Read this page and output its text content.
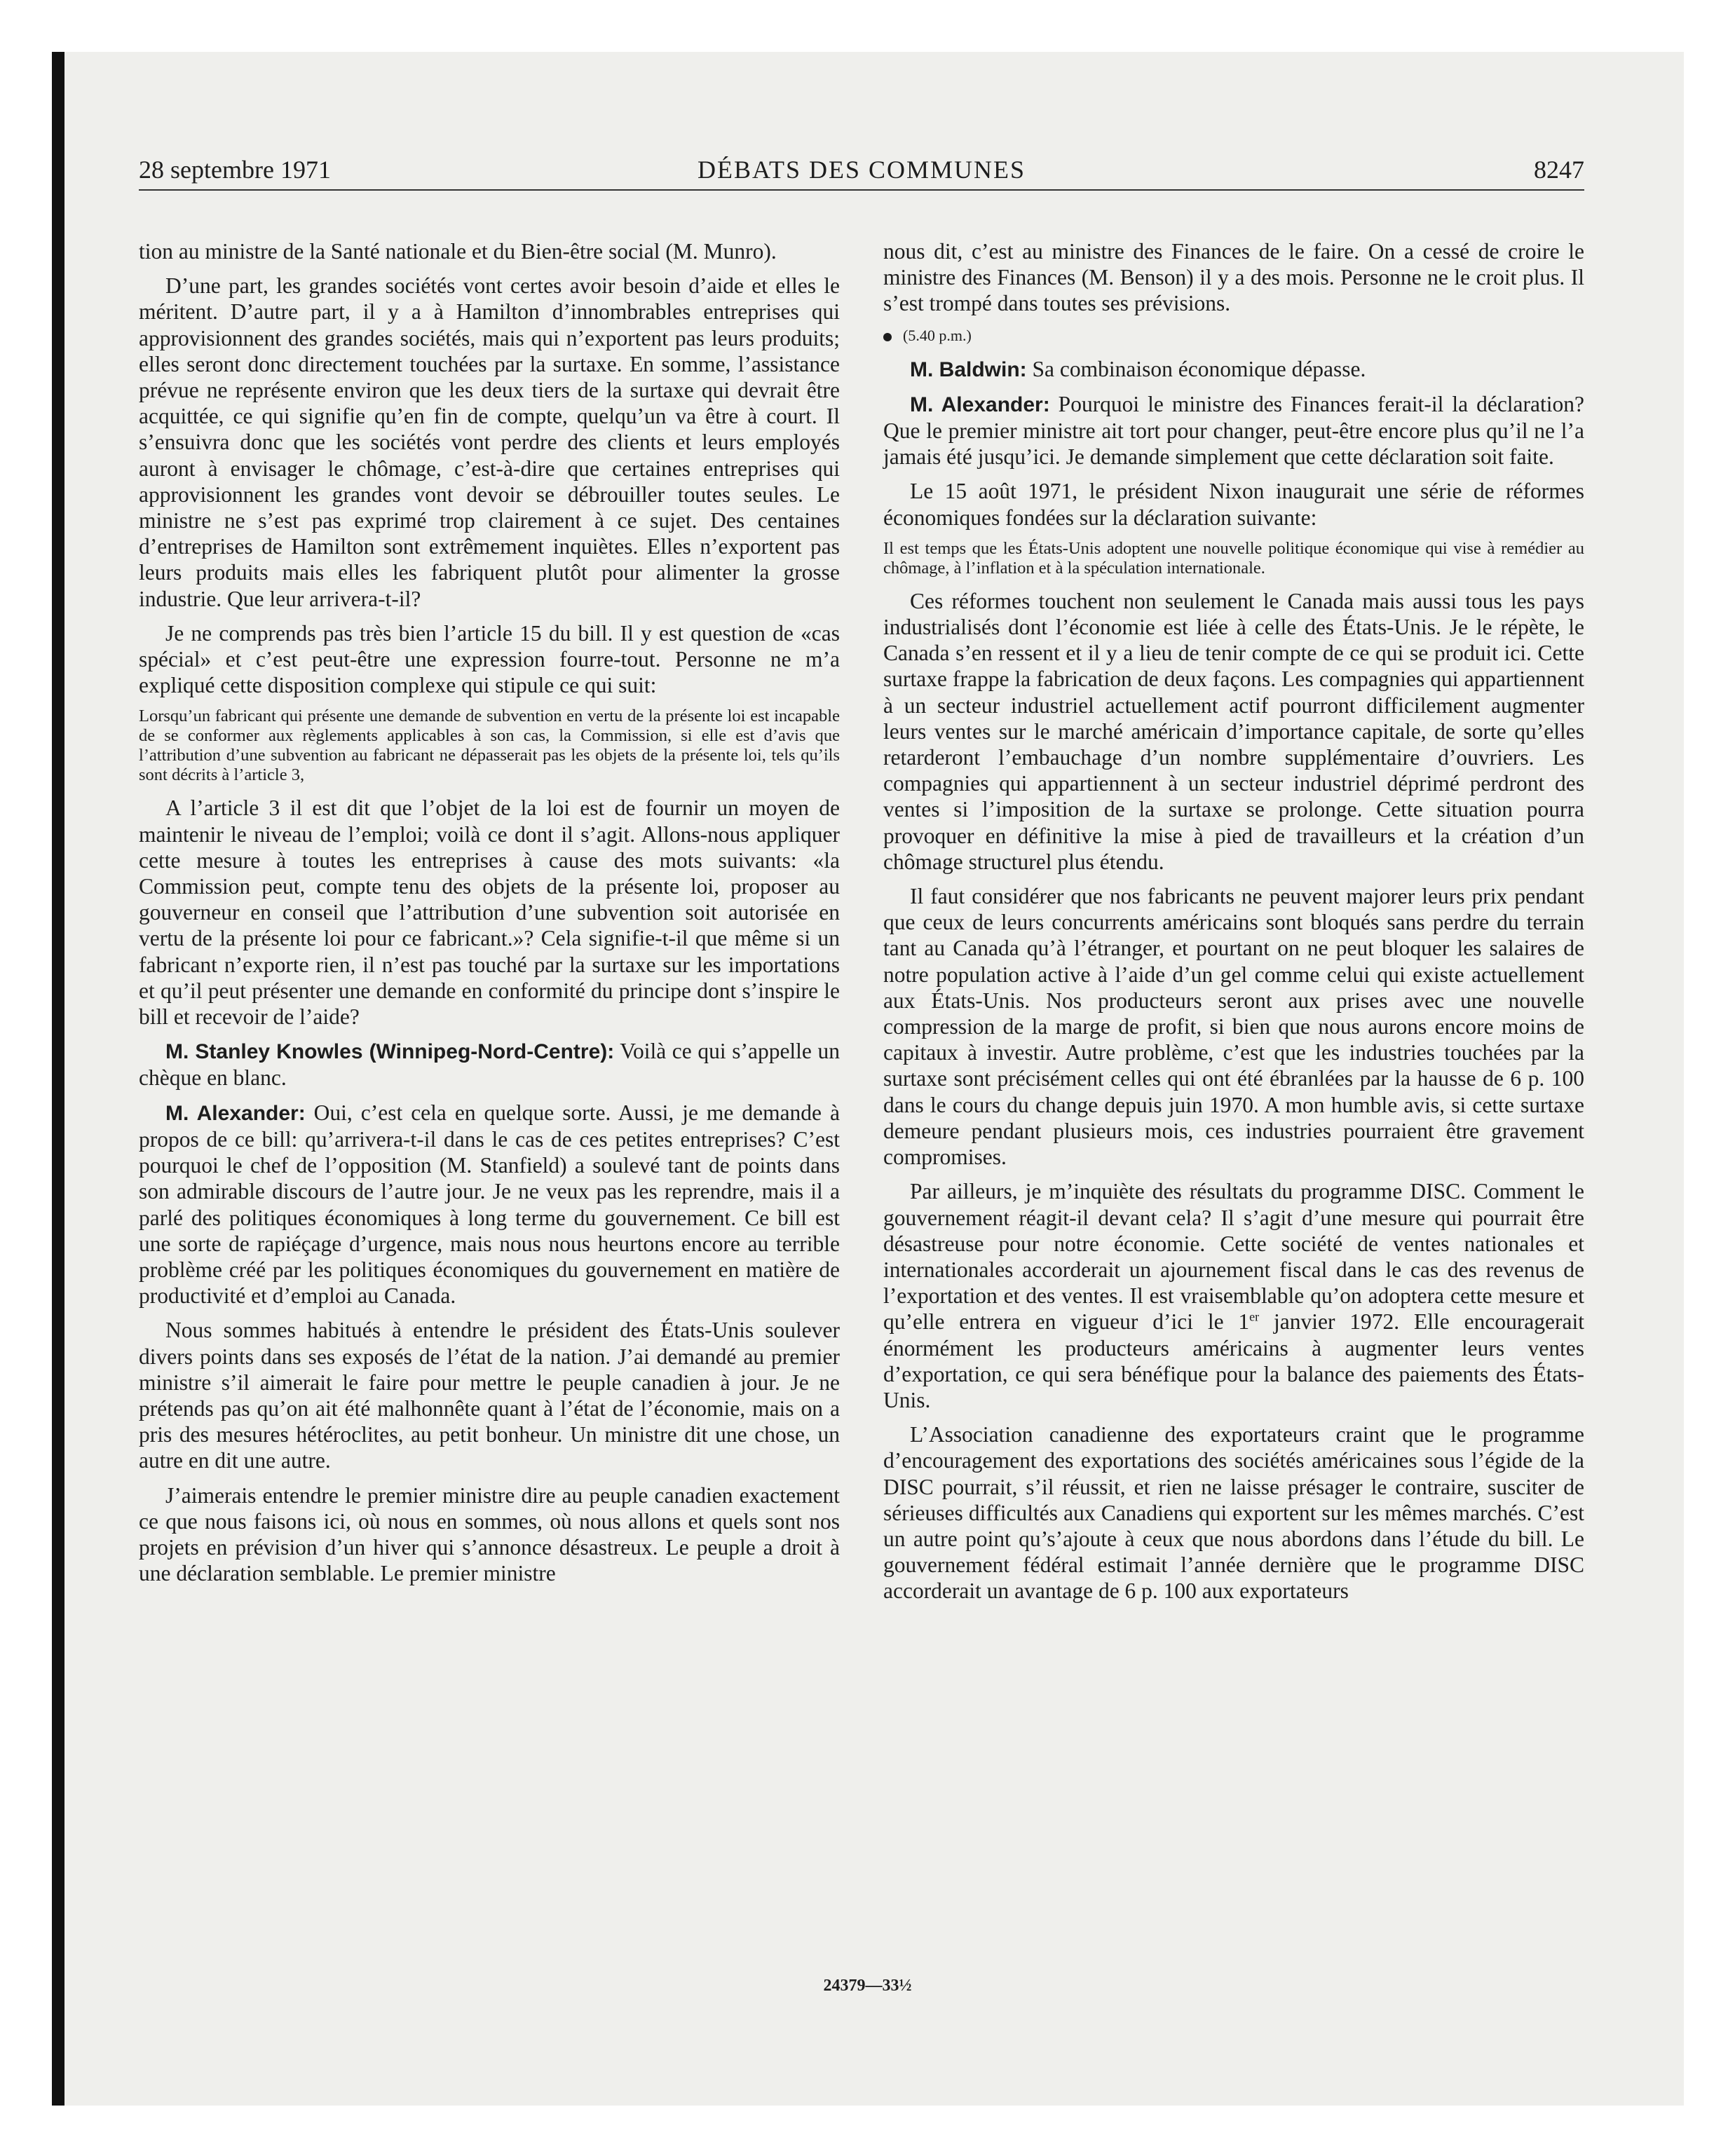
28 septembre 1971	DÉBATS DES COMMUNES	8247

tion au ministre de la Santé nationale et du Bien-être social (M. Munro).

D’une part, les grandes sociétés vont certes avoir besoin d’aide et elles le méritent. D’autre part, il y a à Hamilton d’innombrables entreprises qui approvisionnent des grandes sociétés, mais qui n’exportent pas leurs produits; elles seront donc directement touchées par la surtaxe. En somme, l’assistance prévue ne représente environ que les deux tiers de la surtaxe qui devrait être acquittée, ce qui signifie qu’en fin de compte, quelqu’un va être à court. Il s’ensuivra donc que les sociétés vont perdre des clients et leurs employés auront à envisager le chômage, c’est-à-dire que certaines entreprises qui approvisionnent les grandes vont devoir se débrouiller toutes seules. Le ministre ne s’est pas exprimé trop clairement à ce sujet. Des centaines d’entreprises de Hamilton sont extrêmement inquiètes. Elles n’exportent pas leurs produits mais elles les fabriquent plutôt pour alimenter la grosse industrie. Que leur arrivera-t-il?

Je ne comprends pas très bien l’article 15 du bill. Il y est question de «cas spécial» et c’est peut-être une expression fourre-tout. Personne ne m’a expliqué cette disposition complexe qui stipule ce qui suit:

Lorsqu’un fabricant qui présente une demande de subvention en vertu de la présente loi est incapable de se conformer aux règlements applicables à son cas, la Commission, si elle est d’avis que l’attribution d’une subvention au fabricant ne dépasserait pas les objets de la présente loi, tels qu’ils sont décrits à l’article 3,

A l’article 3 il est dit que l’objet de la loi est de fournir un moyen de maintenir le niveau de l’emploi; voilà ce dont il s’agit. Allons-nous appliquer cette mesure à toutes les entreprises à cause des mots suivants: «la Commission peut, compte tenu des objets de la présente loi, proposer au gouverneur en conseil que l’attribution d’une subvention soit autorisée en vertu de la présente loi pour ce fabricant.»? Cela signifie-t-il que même si un fabricant n’exporte rien, il n’est pas touché par la surtaxe sur les importations et qu’il peut présenter une demande en conformité du principe dont s’inspire le bill et recevoir de l’aide?

M. Stanley Knowles (Winnipeg-Nord-Centre): Voilà ce qui s’appelle un chèque en blanc.

M. Alexander: Oui, c’est cela en quelque sorte. Aussi, je me demande à propos de ce bill: qu’arrivera-t-il dans le cas de ces petites entreprises? C’est pourquoi le chef de l’opposition (M. Stanfield) a soulevé tant de points dans son admirable discours de l’autre jour. Je ne veux pas les reprendre, mais il a parlé des politiques économiques à long terme du gouvernement. Ce bill est une sorte de rapiéçage d’urgence, mais nous nous heurtons encore au terrible problème créé par les politiques économiques du gouvernement en matière de productivité et d’emploi au Canada.

Nous sommes habitués à entendre le président des États-Unis soulever divers points dans ses exposés de l’état de la nation. J’ai demandé au premier ministre s’il aimerait le faire pour mettre le peuple canadien à jour. Je ne prétends pas qu’on ait été malhonnête quant à l’état de l’économie, mais on a pris des mesures hétéroclites, au petit bonheur. Un ministre dit une chose, un autre en dit une autre.

J’aimerais entendre le premier ministre dire au peuple canadien exactement ce que nous faisons ici, où nous en sommes, où nous allons et quels sont nos projets en prévision d’un hiver qui s’annonce désastreux. Le peuple a droit à une déclaration semblable. Le premier ministre

nous dit, c’est au ministre des Finances de le faire. On a cessé de croire le ministre des Finances (M. Benson) il y a des mois. Personne ne le croit plus. Il s’est trompé dans toutes ses prévisions.

(5.40 p.m.)

M. Baldwin: Sa combinaison économique dépasse.

M. Alexander: Pourquoi le ministre des Finances ferait-il la déclaration? Que le premier ministre ait tort pour changer, peut-être encore plus qu’il ne l’a jamais été jusqu’ici. Je demande simplement que cette déclaration soit faite.

Le 15 août 1971, le président Nixon inaugurait une série de réformes économiques fondées sur la déclaration suivante:

Il est temps que les États-Unis adoptent une nouvelle politique économique qui vise à remédier au chômage, à l’inflation et à la spéculation internationale.

Ces réformes touchent non seulement le Canada mais aussi tous les pays industrialisés dont l’économie est liée à celle des États-Unis. Je le répète, le Canada s’en ressent et il y a lieu de tenir compte de ce qui se produit ici. Cette surtaxe frappe la fabrication de deux façons. Les compagnies qui appartiennent à un secteur industriel actuellement actif pourront difficilement augmenter leurs ventes sur le marché américain d’importance capitale, de sorte qu’elles retarderont l’embauchage d’un nombre supplémentaire d’ouvriers. Les compagnies qui appartiennent à un secteur industriel déprimé perdront des ventes si l’imposition de la surtaxe se prolonge. Cette situation pourra provoquer en définitive la mise à pied de travailleurs et la création d’un chômage structurel plus étendu.

Il faut considérer que nos fabricants ne peuvent majorer leurs prix pendant que ceux de leurs concurrents américains sont bloqués sans perdre du terrain tant au Canada qu’à l’étranger, et pourtant on ne peut bloquer les salaires de notre population active à l’aide d’un gel comme celui qui existe actuellement aux États-Unis. Nos producteurs seront aux prises avec une nouvelle compression de la marge de profit, si bien que nous aurons encore moins de capitaux à investir. Autre problème, c’est que les industries touchées par la surtaxe sont précisément celles qui ont été ébranlées par la hausse de 6 p. 100 dans le cours du change depuis juin 1970. A mon humble avis, si cette surtaxe demeure pendant plusieurs mois, ces industries pourraient être gravement compromises.

Par ailleurs, je m’inquiète des résultats du programme DISC. Comment le gouvernement réagit-il devant cela? Il s’agit d’une mesure qui pourrait être désastreuse pour notre économie. Cette société de ventes nationales et internationales accorderait un ajournement fiscal dans le cas des revenus de l’exportation et des ventes. Il est vraisemblable qu’on adoptera cette mesure et qu’elle entrera en vigueur d’ici le 1er janvier 1972. Elle encouragerait énormément les producteurs américains à augmenter leurs ventes d’exportation, ce qui sera bénéfique pour la balance des paiements des États-Unis.

L’Association canadienne des exportateurs craint que le programme d’encouragement des exportations des sociétés américaines sous l’égide de la DISC pourrait, s’il réussit, et rien ne laisse présager le contraire, susciter de sérieuses difficultés aux Canadiens qui exportent sur les mêmes marchés. C’est un autre point qu’s’ajoute à ceux que nous abordons dans l’étude du bill. Le gouvernement fédéral estimait l’année dernière que le programme DISC accorderait un avantage de 6 p. 100 aux exportateurs

24379—33½
